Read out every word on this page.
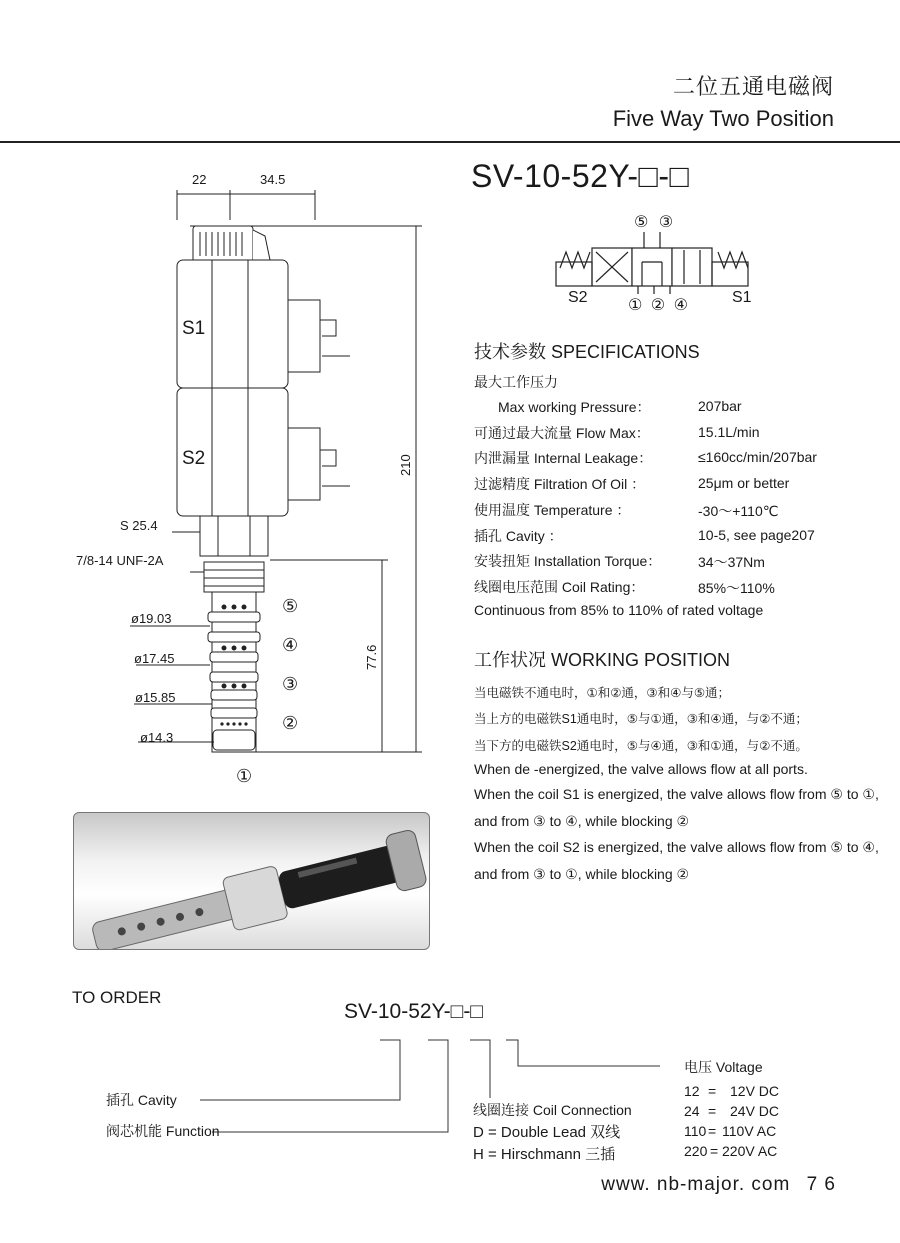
二位五通电磁阀
Five Way Two Position
22	34.5
S1
S2	210
77.6
S 25.4
7/8-14 UNF-2A
ø19.03
ø17.45
ø15.85
ø14.3
⑤
④
③
②
①
SV-10-52Y-□-□
⑤ ③
① ② ④
S2	S1
技术参数 SPECIFICATIONS
最大工作压力
Max working Pressure：	207bar
可通过最大流量 Flow Max：	15.1L/min
内泄漏量 Internal Leakage：	≤160cc/min/207bar
过滤精度 Filtration Of Oil ：	25μm or better
使用温度 Temperature ：	-30～+110℃
插孔 Cavity ：	10-5, see page207
安装扭矩 Installation Torque：	34～37Nm
线圈电压范围 Coil Rating：	85%～110%
Continuous from 85% to 110% of rated voltage
工作状况 WORKING POSITION
当电磁铁不通电时，①和②通，③和④与⑤通；
当上方的电磁铁S1通电时，⑤与①通，③和④通，与②不通；
当下方的电磁铁S2通电时，⑤与④通，③和①通，与②不通。
When de -energized, the valve allows flow at all ports.
When the coil S1 is energized, the valve allows flow from ⑤ to ①,
and from ③ to ④, while blocking ②
When the coil S2 is energized, the valve allows flow from ⑤ to ④,
and from ③ to ①, while blocking ②
TO ORDER
SV-10-52Y-□-□
插孔 Cavity
阀芯机能 Function
线圈连接 Coil Connection
D = Double Lead 双线
H = Hirschmann 三插
电压 Voltage
12 = 12V DC
24 = 24V DC
110 = 110V AC
220 = 220V AC
www. nb-major. com 7 6
